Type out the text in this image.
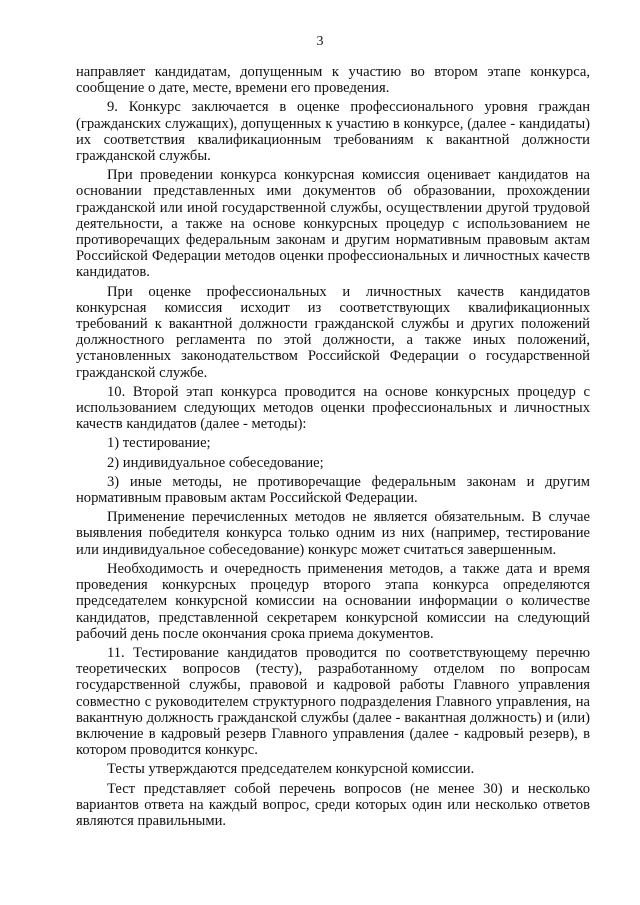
3

направляет кандидатам, допущенным к участию во втором этапе конкурса, сообщение о дате, месте, времени его проведения.

9. Конкурс заключается в оценке профессионального уровня граждан (гражданских служащих), допущенных к участию в конкурсе, (далее - кандидаты) их соответствия квалификационным требованиям к вакантной должности гражданской службы.

При проведении конкурса конкурсная комиссия оценивает кандидатов на основании представленных ими документов об образовании, прохождении гражданской или иной государственной службы, осуществлении другой трудовой деятельности, а также на основе конкурсных процедур с использованием не противоречащих федеральным законам и другим нормативным правовым актам Российской Федерации методов оценки профессиональных и личностных качеств кандидатов.

При оценке профессиональных и личностных качеств кандидатов конкурсная комиссия исходит из соответствующих квалификационных требований к вакантной должности гражданской службы и других положений должностного регламента по этой должности, а также иных положений, установленных законодательством Российской Федерации о государственной гражданской службе.

10. Второй этап конкурса проводится на основе конкурсных процедур с использованием следующих методов оценки профессиональных и личностных качеств кандидатов (далее - методы):

1) тестирование;

2) индивидуальное собеседование;

3) иные методы, не противоречащие федеральным законам и другим нормативным правовым актам Российской Федерации.

Применение перечисленных методов не является обязательным. В случае выявления победителя конкурса только одним из них (например, тестирование или индивидуальное собеседование) конкурс может считаться завершенным.

Необходимость и очередность применения методов, а также дата и время проведения конкурсных процедур второго этапа конкурса определяются председателем конкурсной комиссии на основании информации о количестве кандидатов, представленной секретарем конкурсной комиссии на следующий рабочий день после окончания срока приема документов.

11. Тестирование кандидатов проводится по соответствующему перечню теоретических вопросов (тесту), разработанному отделом по вопросам государственной службы, правовой и кадровой работы Главного управления совместно с руководителем структурного подразделения Главного управления, на вакантную должность гражданской службы (далее - вакантная должность) и (или) включение в кадровый резерв Главного управления (далее - кадровый резерв), в котором проводится конкурс.

Тесты утверждаются председателем конкурсной комиссии.

Тест представляет собой перечень вопросов (не менее 30) и несколько вариантов ответа на каждый вопрос, среди которых один или несколько ответов являются правильными.
